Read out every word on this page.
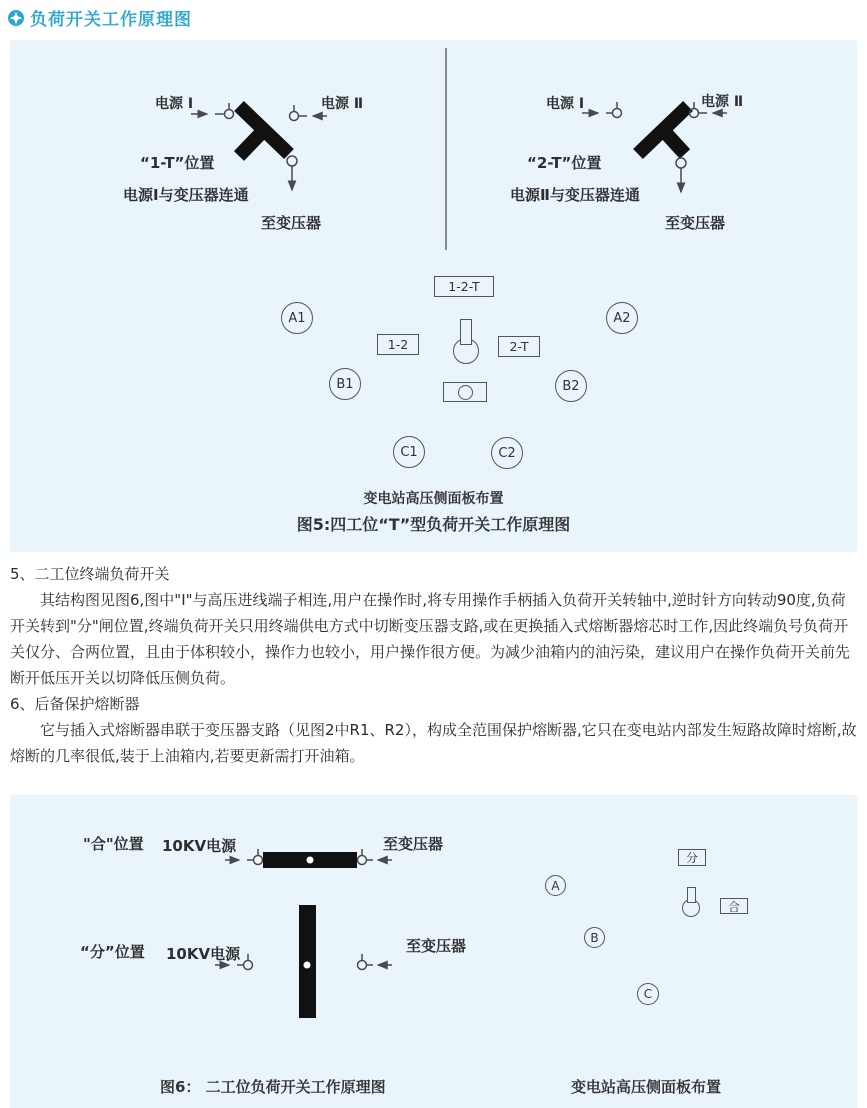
负荷开关工作原理图
电源 Ⅰ	电源 Ⅱ
“1-T”位置
电源Ⅰ与变压器连通
至变压器
电源 Ⅰ	电源 Ⅱ
“2-T”位置
电源Ⅱ与变压器连通
至变压器
1-2-T
A1	A2
1-2	2-T
B1	B2
C1	C2
变电站高压侧面板布置
图5:四工位“T”型负荷开关工作原理图
5、二工位终端负荷开关

其结构图见图6,图中"Ⅰ"与高压进线端子相连,用户在操作时,将专用操作手柄插入负荷开关转轴中,逆时针方向转动90度,负荷开关转到"分"闸位置,终端负荷开关只用终端供电方式中切断变压器支路,或在更换插入式熔断器熔芯时工作,因此终端负号负荷开关仅分、合两位置，且由于体积较小，操作力也较小，用户操作很方便。为减少油箱内的油污染，建议用户在操作负荷开关前先断开低压开关以切降低压侧负荷。

6、后备保护熔断器

它与插入式熔断器串联于变压器支路（见图2中R1、R2），构成全范围保护熔断器,它只在变电站内部发生短路故障时熔断,故熔断的几率很低,装于上油箱内,若要更新需打开油箱。

"合"位置 10KV电源	至变压器
“分”位置 10KV电源	至变压器
分
A
合
B
C
图6： 二工位负荷开关工作原理图	变电站高压侧面板布置
